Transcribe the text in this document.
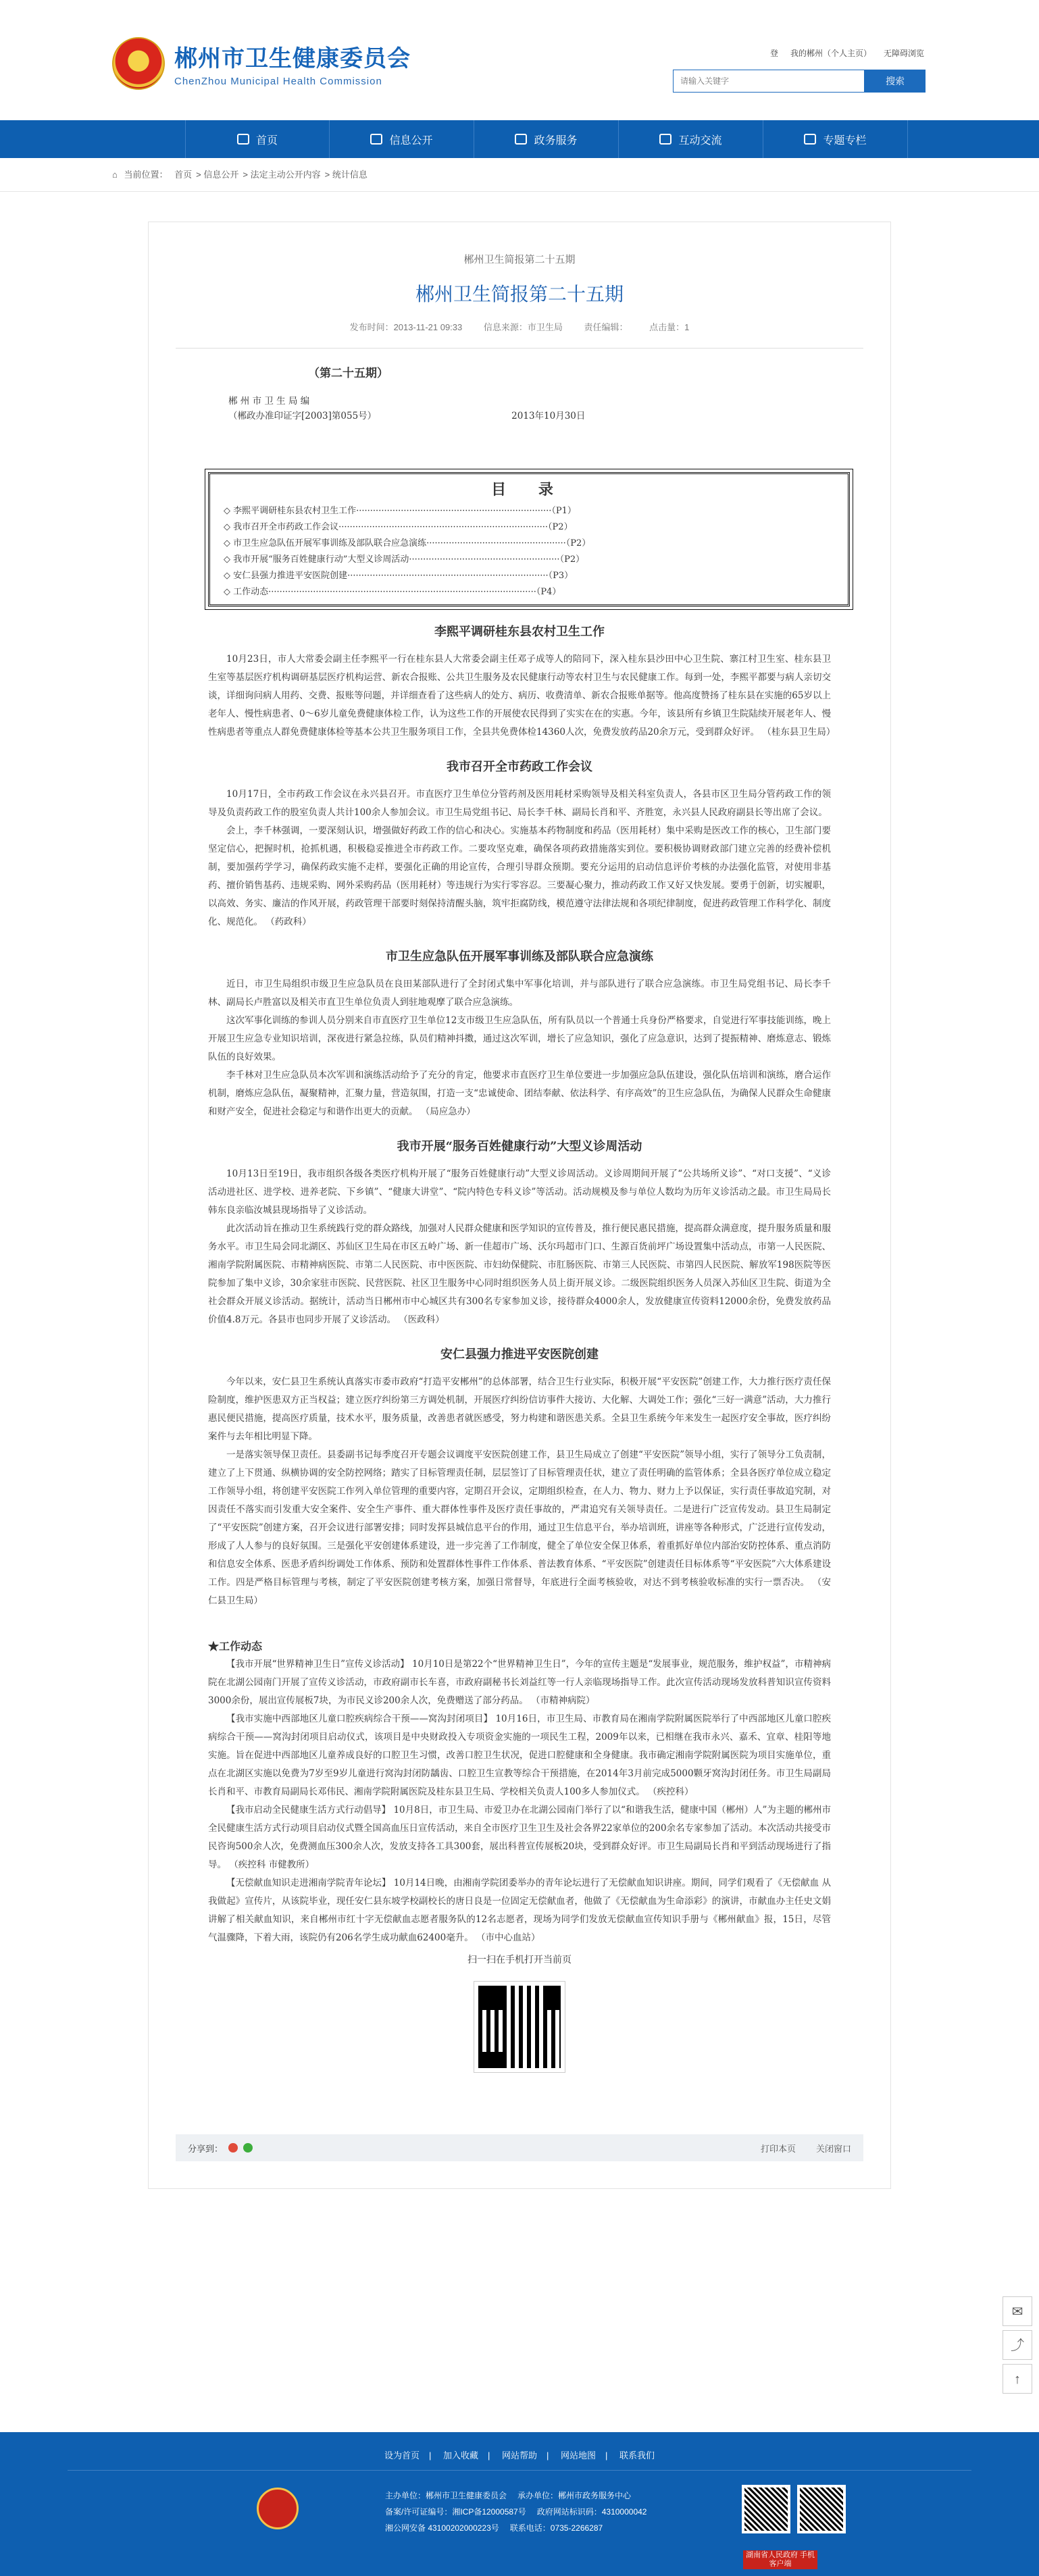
郴州市卫生健康委员会
ChenZhou Municipal Health Commission
登 我的郴州（个人主页） 无障碍浏览
请输入关键字
搜索
首页	信息公开	政务服务	互动交流	专题专栏
⌂ 当前位置： 首页 > 信息公开 > 法定主动公开内容 > 统计信息
郴州卫生简报第二十五期
郴州卫生简报第二十五期
发布时间：2013-11-21 09:33 信息来源：市卫生局 责任编辑： 点击量：1
（第二十五期）
郴 州 市 卫 生 局 编
（郴政办准印证字[2003]第055号）	2013年10月30日
目 录
◇ 李熙平调研桂东县农村卫生工作······································································（P1）
◇ 我市召开全市药政工作会议···········································································（P2）
◇ 市卫生应急队伍开展军事训练及部队联合应急演练··················································（P2）
◇ 我市开展“服务百姓健康行动”大型义诊周活动······················································（P2）
◇ 安仁县强力推进平安医院创建········································································（P3）
◇ 工作动态································································································（P4）
李熙平调研桂东县农村卫生工作

10月23日，市人大常委会副主任李熙平一行在桂东县人大常委会副主任邓子成等人的陪同下，深入桂东县沙田中心卫生院、寨江村卫生室、桂东县卫生室等基层医疗机构调研基层医疗机构运营、新农合报账、公共卫生服务及农民健康行动等农村卫生与农民健康工作。每到一处，李熙平都要与病人亲切交谈，详细询问病人用药、交费、报账等问题，并详细查看了这些病人的处方、病历、收费清单、新农合报账单据等。他高度赞扬了桂东县在实施的65岁以上老年人、慢性病患者、0～6岁儿童免费健康体检工作，认为这些工作的开展使农民得到了实实在在的实惠。今年，该县所有乡镇卫生院陆续开展老年人、慢性病患者等重点人群免费健康体检等基本公共卫生服务项目工作，全县共免费体检14360人次，免费发放药品20余万元，受到群众好评。 （桂东县卫生局）

我市召开全市药政工作会议

10月17日，全市药政工作会议在永兴县召开。市直医疗卫生单位分管药剂及医用耗材采购领导及相关科室负责人，各县市区卫生局分管药政工作的领导及负责药政工作的股室负责人共计100余人参加会议。市卫生局党组书记、局长李千林、副局长肖和平、齐胜宽，永兴县人民政府副县长等出席了会议。

会上，李千林强调，一要深刻认识，增强做好药政工作的信心和决心。实施基本药物制度和药品（医用耗材）集中采购是医改工作的核心，卫生部门要坚定信心，把握时机，抢抓机遇，积极稳妥推进全市药政工作。二要攻坚克难，确保各项药政措施落实到位。要积极协调财政部门建立完善的经费补偿机制，要加强药学学习，确保药政实施不走样，要强化正确的用论宣传，合理引导群众预期。要充分运用的启动信息评价考核的办法强化监管，对使用非基药、擅价销售基药、违规采购、网外采购药品（医用耗材）等违规行为实行零容忍。三要凝心聚力，推动药政工作又好又快发展。要勇于创新，切实履职，以高效、务实、廉洁的作风开展，药政管理干部要时刻保持清醒头脑，筑牢拒腐防线，模范遵守法律法规和各项纪律制度，促进药政管理工作科学化、制度化、规范化。 （药政科）

市卫生应急队伍开展军事训练及部队联合应急演练

近日，市卫生局组织市级卫生应急队员在良田某部队进行了全封闭式集中军事化培训，并与部队进行了联合应急演练。市卫生局党组书记、局长李千林、副局长卢胜富以及相关市直卫生单位负责人到驻地观摩了联合应急演练。

这次军事化训练的参训人员分别来自市直医疗卫生单位12支市级卫生应急队伍，所有队员以一个普通士兵身份严格要求，自觉进行军事技能训练，晚上开展卫生应急专业知识培训，深夜进行紧急拉练，队员们精神抖擞，通过这次军训，增长了应急知识，强化了应急意识，达到了提振精神、磨炼意志、锻炼队伍的良好效果。

李千林对卫生应急队员本次军训和演练活动给予了充分的肯定，他要求市直医疗卫生单位要进一步加强应急队伍建设，强化队伍培训和演练，磨合运作机制，磨炼应急队伍，凝聚精神，汇聚力量，营造氛围，打造一支“忠诚使命、团结奉献、依法科学、有序高效”的卫生应急队伍，为确保人民群众生命健康和财产安全，促进社会稳定与和谐作出更大的贡献。 （局应急办）

我市开展“服务百姓健康行动”大型义诊周活动

10月13日至19日，我市组织各级各类医疗机构开展了“服务百姓健康行动”大型义诊周活动。义诊周期间开展了“公共场所义诊”、“对口支援”、“义诊活动进社区、进学校、进养老院、下乡镇”、“健康大讲堂”、“院内特色专科义诊”等活动。活动规模及参与单位人数均为历年义诊活动之最。市卫生局局长韩东良亲临汝城县现场指导了义诊活动。

此次活动旨在推动卫生系统践行党的群众路线，加强对人民群众健康和医学知识的宣传普及，推行便民惠民措施，提高群众满意度，提升服务质量和服务水平。市卫生局会同北湖区、苏仙区卫生局在市区五岭广场、新一佳超市广场、沃尔玛超市门口、生源百货前坪广场设置集中活动点，市第一人民医院、湘南学院附属医院、市精神病医院、市第二人民医院、市中医医院、市妇幼保健院、市肛肠医院、市第三人民医院、市第四人民医院、解放军198医院等医院参加了集中义诊，30余家驻市医院、民营医院、社区卫生服务中心同时组织医务人员上街开展义诊。二级医院组织医务人员深入苏仙区卫生院、街道为全社会群众开展义诊活动。据统计，活动当日郴州市中心城区共有300名专家参加义诊，接待群众4000余人，发放健康宣传资料12000余份，免费发放药品价值4.8万元。各县市也同步开展了义诊活动。 （医政科）

安仁县强力推进平安医院创建

今年以来，安仁县卫生系统认真落实市委市政府“打造平安郴州”的总体部署，结合卫生行业实际，积极开展“平安医院”创建工作，大力推行医疗责任保险制度，维护医患双方正当权益；建立医疗纠纷第三方调处机制，开展医疗纠纷信访事件大接访、大化解、大调处工作；强化“三好一满意”活动，大力推行惠民便民措施，提高医疗质量，技术水平，服务质量，改善患者就医感受，努力构建和谐医患关系。全县卫生系统今年来发生一起医疗安全事故，医疗纠纷案件与去年相比明显下降。

一是落实领导保卫责任。县委副书记每季度召开专题会议调度平安医院创建工作，县卫生局成立了创建“平安医院”领导小组，实行了领导分工负责制，建立了上下贯通、纵横协调的安全防控网络；踏实了目标管理责任制，层层签订了目标管理责任状，建立了责任明确的监管体系；全县各医疗单位成立稳定工作领导小组，将创建平安医院工作列入单位管理的重要内容，定期召开会议，定期组织检查，在人力、物力、财力上予以保证，实行责任事故追究制，对因责任不落实而引发重大安全案件、安全生产事件、重大群体性事件及医疗责任事故的，严肃追究有关领导责任。二是进行广泛宣传发动。县卫生局制定了“平安医院”创建方案，召开会议进行部署安排；同时发挥县城信息平台的作用，通过卫生信息平台，举办培训班，讲座等各种形式，广泛进行宣传发动，形成了人人参与的良好氛围。三是强化平安创建体系建设，进一步完善了工作制度，健全了单位安全保卫体系，着重抓好单位内部治安防控体系、重点消防和信息安全体系、医患矛盾纠纷调处工作体系、预防和处置群体性事件工作体系、普法教育体系、“平安医院”创建责任目标体系等“平安医院”六大体系建设工作。四是严格目标管理与考核，制定了平安医院创建考核方案，加强日常督导，年底进行全面考核验收，对达不到考核验收标准的实行一票否决。 （安仁县卫生局）

★工作动态

【我市开展“世界精神卫生日”宣传义诊活动】 10月10日是第22个“世界精神卫生日”，今年的宣传主题是“发展事业，规范服务，维护权益”，市精神病院在北湖公园南门开展了宣传义诊活动，市政府副市长车喜，市政府副秘书长刘益红等一行人亲临现场指导工作。此次宣传活动现场发放科普知识宣传资料3000余份，展出宣传展板7块，为市民义诊200余人次，免费赠送了部分药品。 （市精神病院）

【我市实施中西部地区儿童口腔疾病综合干预——窝沟封闭项目】 10月16日，市卫生局、市教育局在湘南学院附属医院举行了中西部地区儿童口腔疾病综合干预——窝沟封闭项目启动仪式，该项目是中央财政投入专项资金实施的一项民生工程，2009年以来，已相继在我市永兴、嘉禾、宜章、桂阳等地实施。旨在促进中西部地区儿童养成良好的口腔卫生习惯，改善口腔卫生状况，促进口腔健康和全身健康。我市确定湘南学院附属医院为项目实施单位，重点在北湖区实施以免费为7岁至9岁儿童进行窝沟封闭防龋齿、口腔卫生宣教等综合干预措施，在2014年3月前完成5000颗牙窝沟封闭任务。市卫生局副局长肖和平、市教育局副局长邓伟民、湘南学院附属医院及桂东县卫生局、学校相关负责人100多人参加仪式。 （疾控科）

【我市启动全民健康生活方式行动倡导】 10月8日，市卫生局、市爱卫办在北湖公园南门举行了以“和谐我生活，健康中国（郴州）人”为主题的郴州市全民健康生活方式行动项目启动仪式暨全国高血压日宣传活动，来自全市医疗卫生卫生及社会各界22家单位的200余名专家参加了活动。本次活动共接受市民咨询500余人次，免费测血压300余人次，发放支持各工具300套，展出科普宣传展板20块，受到群众好评。市卫生局副局长肖和平到活动现场进行了指导。 （疾控科 市健教所）

【无偿献血知识走进湘南学院青年论坛】 10月14日晚，由湘南学院团委举办的青年论坛进行了无偿献血知识讲座。期间，同学们观看了《无偿献血 从我做起》宣传片，从该院毕业，现任安仁县东坡学校副校长的唐日良是一位固定无偿献血者，他做了《无偿献血为生命添彩》的演讲，市献血办主任史文娟讲解了相关献血知识，来自郴州市红十字无偿献血志愿者服务队的12名志愿者，现场为同学们发放无偿献血宣传知识手册与《郴州献血》报，15日，尽管气温骤降，下着大雨，该院仍有206名学生成功献血62400毫升。 （市中心血站）

扫一扫在手机打开当前页
分享到：	打印本页 关闭窗口
✉
⤴
↑
设为首页 | 加入收藏 | 网站帮助 | 网站地图 | 联系我们
主办单位：郴州市卫生健康委员会 承办单位：郴州市政务服务中心
备案/许可证编号：湘ICP备12000587号 政府网站标识码：4310000042
湘公网安备 43100202000223号 联系电话：0735-2266287
湖南省人民政府 手机客户端
